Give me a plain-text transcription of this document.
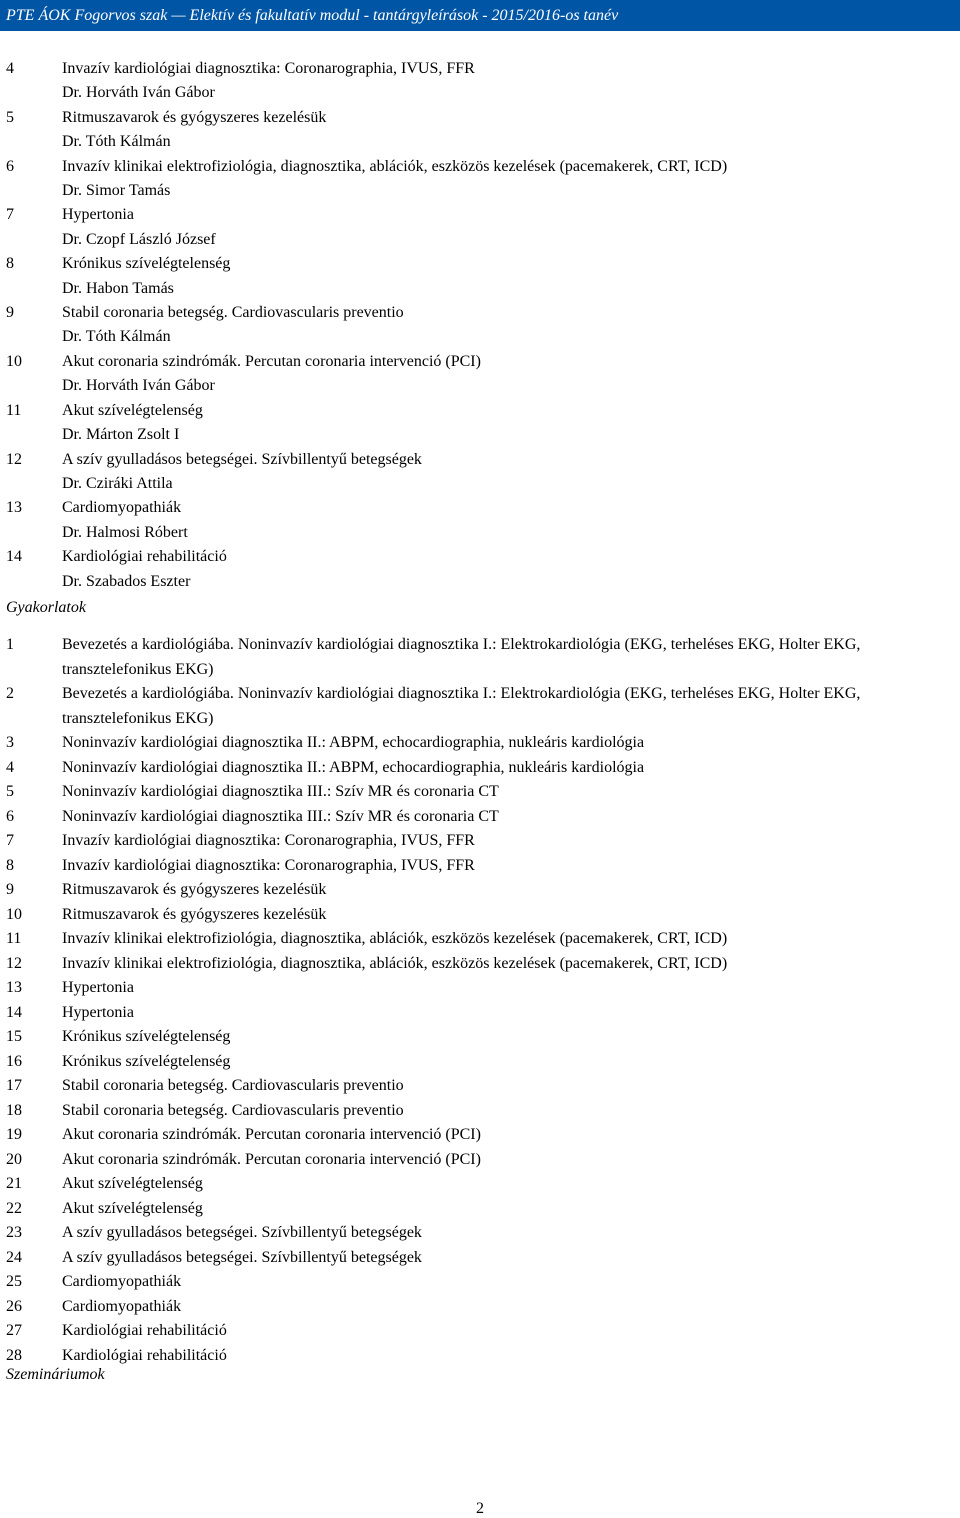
PTE ÁOK Fogorvos szak — Elektív és fakultatív modul - tantárgyleírások - 2015/2016-os tanév
4	Invazív kardiológiai diagnosztika: Coronarographia, IVUS, FFR
Dr. Horváth Iván Gábor
5	Ritmuszavarok és gyógyszeres kezelésük
Dr. Tóth Kálmán
6	Invazív klinikai elektrofiziológia, diagnosztika, ablációk, eszközös kezelések (pacemakerek, CRT, ICD)
Dr. Simor Tamás
7	Hypertonia
Dr. Czopf László József
8	Krónikus szívelégtelenség
Dr. Habon Tamás
9	Stabil coronaria betegség. Cardiovascularis preventio
Dr. Tóth Kálmán
10	Akut coronaria szindrómák. Percutan coronaria intervenció (PCI)
Dr. Horváth Iván Gábor
11	Akut szívelégtelenség
Dr. Márton Zsolt I
12	A szív gyulladásos betegségei. Szívbillentyű betegségek
Dr. Cziráki Attila
13	Cardiomyopathiák
Dr. Halmosi Róbert
14	Kardiológiai rehabilitáció
Dr. Szabados Eszter
Gyakorlatok
1	Bevezetés a kardiológiába. Noninvazív kardiológiai diagnosztika I.: Elektrokardiológia (EKG, terheléses EKG, Holter EKG, transztelefonikus EKG)
2	Bevezetés a kardiológiába. Noninvazív kardiológiai diagnosztika I.: Elektrokardiológia (EKG, terheléses EKG, Holter EKG, transztelefonikus EKG)
3	Noninvazív kardiológiai diagnosztika II.: ABPM, echocardiographia, nukleáris kardiológia
4	Noninvazív kardiológiai diagnosztika II.: ABPM, echocardiographia, nukleáris kardiológia
5	Noninvazív kardiológiai diagnosztika III.: Szív MR és coronaria CT
6	Noninvazív kardiológiai diagnosztika III.: Szív MR és coronaria CT
7	Invazív kardiológiai diagnosztika: Coronarographia, IVUS, FFR
8	Invazív kardiológiai diagnosztika: Coronarographia, IVUS, FFR
9	Ritmuszavarok és gyógyszeres kezelésük
10	Ritmuszavarok és gyógyszeres kezelésük
11	Invazív klinikai elektrofiziológia, diagnosztika, ablációk, eszközös kezelések (pacemakerek, CRT, ICD)
12	Invazív klinikai elektrofiziológia, diagnosztika, ablációk, eszközös kezelések (pacemakerek, CRT, ICD)
13	Hypertonia
14	Hypertonia
15	Krónikus szívelégtelenség
16	Krónikus szívelégtelenség
17	Stabil coronaria betegség. Cardiovascularis preventio
18	Stabil coronaria betegség. Cardiovascularis preventio
19	Akut coronaria szindrómák. Percutan coronaria intervenció (PCI)
20	Akut coronaria szindrómák. Percutan coronaria intervenció (PCI)
21	Akut szívelégtelenség
22	Akut szívelégtelenség
23	A szív gyulladásos betegségei. Szívbillentyű betegségek
24	A szív gyulladásos betegségei. Szívbillentyű betegségek
25	Cardiomyopathiák
26	Cardiomyopathiák
27	Kardiológiai rehabilitáció
28	Kardiológiai rehabilitáció
Szemináriumok
2
